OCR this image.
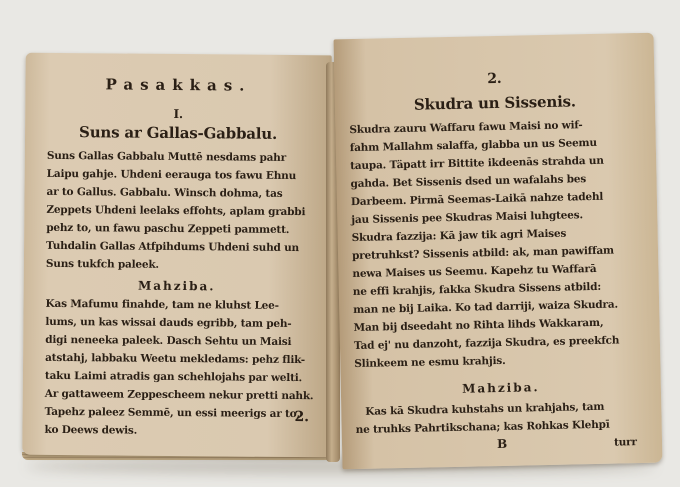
Pasakkas.
I.
Suns ar Gallas-Gabbalu.
Suns Gallas Gabbalu Muttē nesdams pahr
Laipu gahje. Uhdeni eerauga tos fawu Ehnu
ar to Gallus. Gabbalu. Winsch dohma, tas
Zeppets Uhdeni leelaks effohts, aplam grabbi
pehz to, un fawu paschu Zeppeti pammett.
Tuhdalin Gallas Atfpihdums Uhdeni suhd un
Suns tukfch paleek.
Mahziba.
Kas Mafumu finahde, tam ne kluhst Lee-
lums, un kas wissai dauds egribb, tam peh-
digi neneeka paleek. Dasch Sehtu un Maisi
atstahj, labbaku Weetu mekledams: pehz flik-
taku Laimi atradis gan schehlojahs par welti.
Ar gattaweem Zeppescheem nekur pretti nahk.
Tapehz paleez Semmē, un essi meerigs ar to,
ko Deews dewis.
2.
2.
Skudra un Sissenis.
Skudra zauru Waffaru fawu Maisi no wif-
fahm Mallahm salaffa, glabba un us Seemu
taupa. Täpatt irr Bittite ikdeenās strahda un
gahda. Bet Sissenis dsed un wafalahs bes
Darbeem. Pirmā Seemas-Laikā nahze tadehl
jau Sissenis pee Skudras Maisi luhgtees.
Skudra fazzija: Kā jaw tik agri Maises
pretruhkst? Sissenis atbild: ak, man pawiffam
newa Maises us Seemu. Kapehz tu Waffarā
ne effi krahjis, fakka Skudra Sissens atbild:
man ne bij Laika. Ko tad darriji, waiza Skudra.
Man bij dseedaht no Rihta lihds Wakkaram,
Tad ej' nu danzoht, fazzija Skudra, es preekfch
Slinkeem ne esmu krahjis.
Mahziba.
Kas kā Skudra kuhstahs un krahjahs, tam
ne truhks Pahrtikschana; kas Rohkas Klehpī
turr
B
